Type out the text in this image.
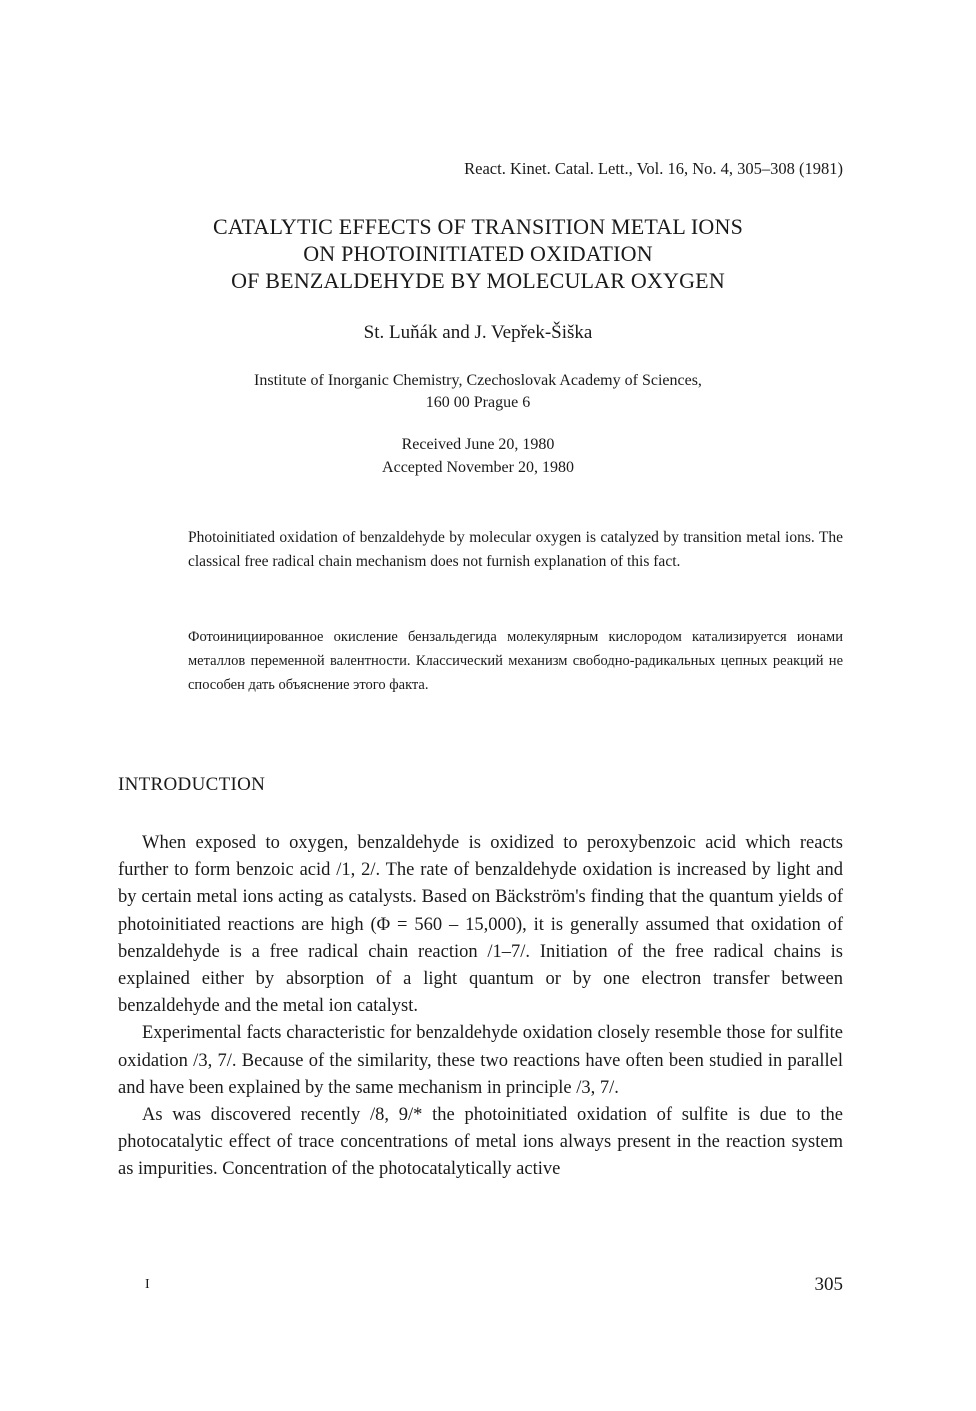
React. Kinet. Catal. Lett., Vol. 16, No. 4, 305–308 (1981)
CATALYTIC EFFECTS OF TRANSITION METAL IONS
ON PHOTOINITIATED OXIDATION
OF BENZALDEHYDE BY MOLECULAR OXYGEN
St. Luňák and J. Vepřek-Šiška
Institute of Inorganic Chemistry, Czechoslovak Academy of Sciences,
160 00 Prague 6
Received June 20, 1980
Accepted November 20, 1980
Photoinitiated oxidation of benzaldehyde by molecular oxygen is catalyzed by transition metal ions. The classical free radical chain mechanism does not furnish explanation of this fact.
Фотоинициированное окисление бензальдегида молекулярным кислородом катализируется ионами металлов переменной валентности. Классический механизм свободно-радикальных цепных реакций не способен дать объяснение этого факта.
INTRODUCTION

When exposed to oxygen, benzaldehyde is oxidized to peroxybenzoic acid which reacts further to form benzoic acid /1, 2/. The rate of benzaldehyde oxidation is increased by light and by certain metal ions acting as catalysts. Based on Bäckström's finding that the quantum yields of photoinitiated reactions are high (Φ = 560 – 15,000), it is generally assumed that oxidation of benzaldehyde is a free radical chain reaction /1–7/. Initiation of the free radical chains is explained either by absorption of a light quantum or by one electron transfer between benzaldehyde and the metal ion catalyst.

Experimental facts characteristic for benzaldehyde oxidation closely resemble those for sulfite oxidation /3, 7/. Because of the similarity, these two reactions have often been studied in parallel and have been explained by the same mechanism in principle /3, 7/.

As was discovered recently /8, 9/* the photoinitiated oxidation of sulfite is due to the photocatalytic effect of trace concentrations of metal ions always present in the reaction system as impurities. Concentration of the photocatalytically active

I	305
